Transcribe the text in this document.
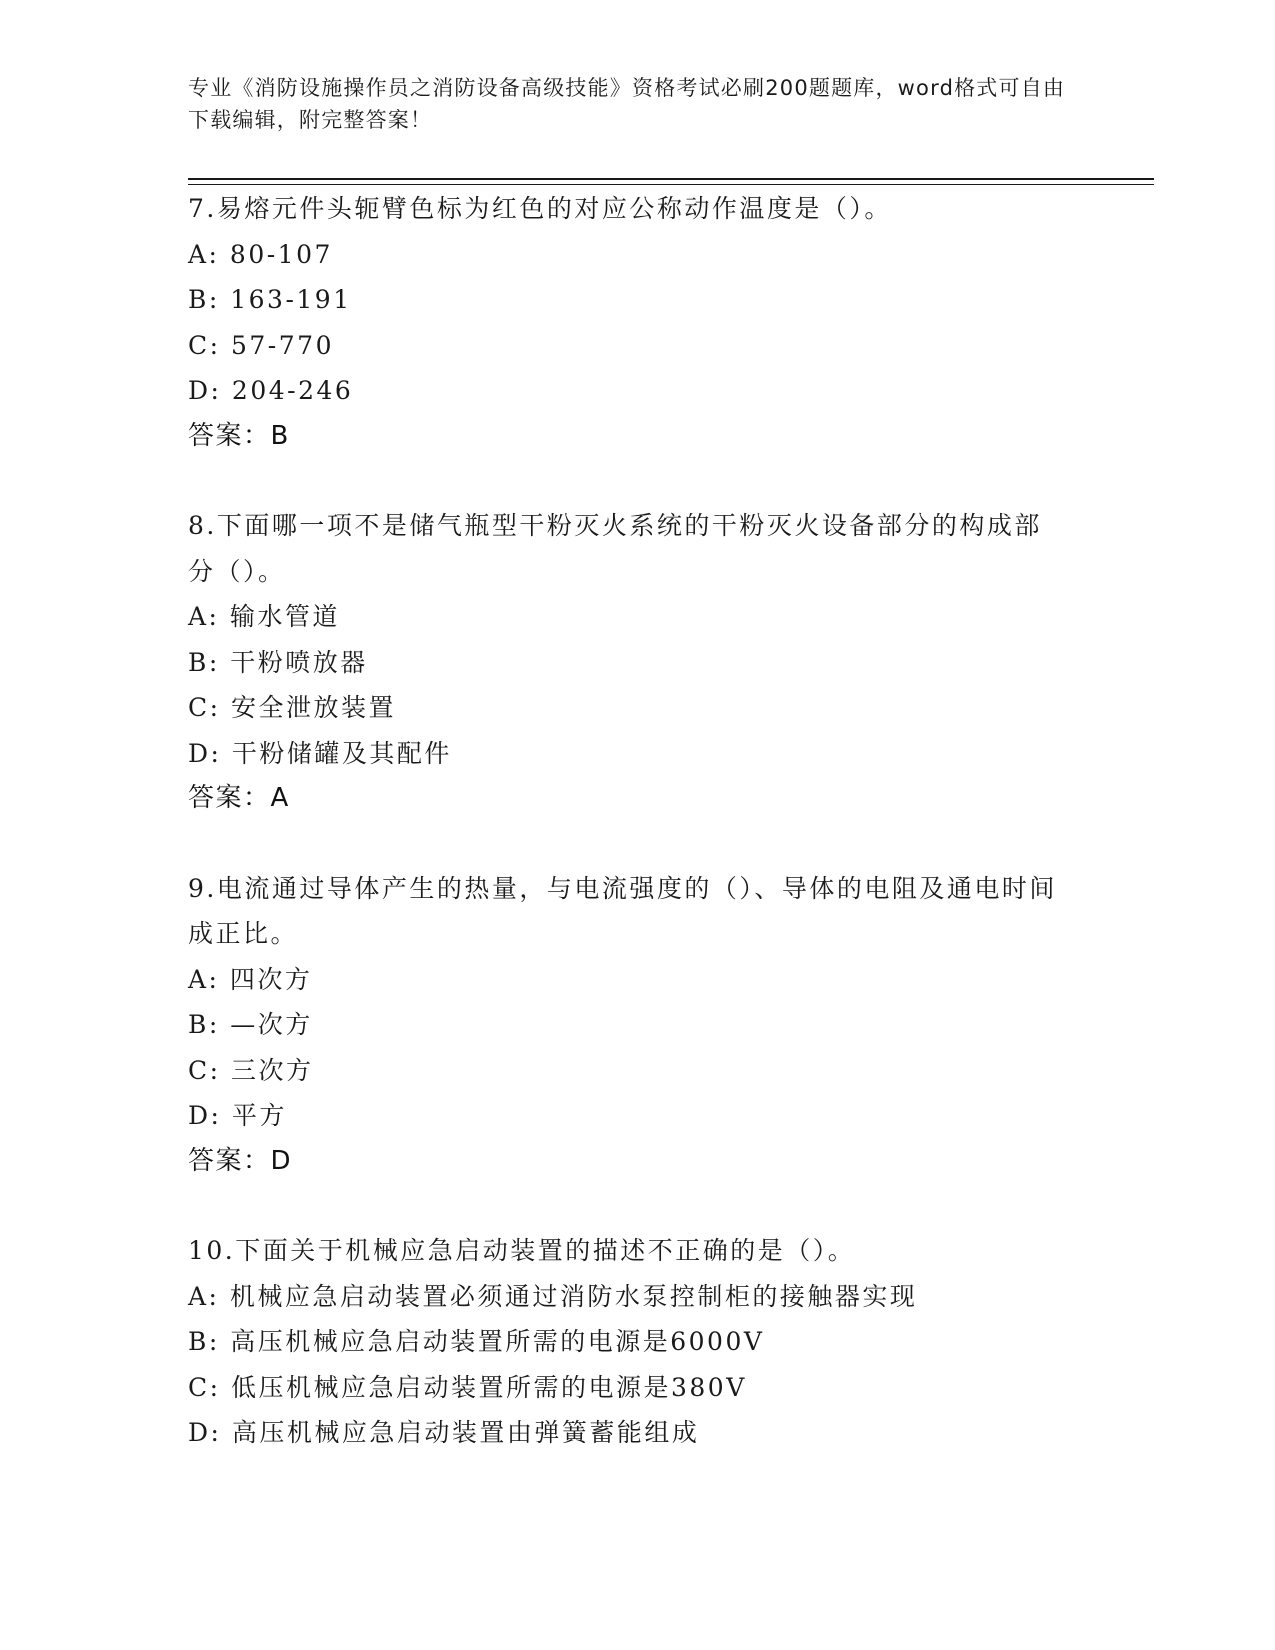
专业《消防设施操作员之消防设备高级技能》资格考试必刷200题题库，word格式可自由下载编辑，附完整答案！
7.易熔元件头轭臂色标为红色的对应公称动作温度是（）。
A: 80-107
B: 163-191
C: 57-770
D: 204-246
答案：B
8.下面哪一项不是储气瓶型干粉灭火系统的干粉灭火设备部分的构成部分（）。
A: 输水管道
B: 干粉喷放器
C: 安全泄放装置
D: 干粉储罐及其配件
答案：A
9.电流通过导体产生的热量，与电流强度的（）、导体的电阻及通电时间成正比。
A: 四次方
B: —次方
C: 三次方
D: 平方
答案：D
10.下面关于机械应急启动装置的描述不正确的是（）。
A: 机械应急启动装置必须通过消防水泵控制柜的接触器实现
B: 高压机械应急启动装置所需的电源是6000V
C: 低压机械应急启动装置所需的电源是380V
D: 高压机械应急启动装置由弹簧蓄能组成
